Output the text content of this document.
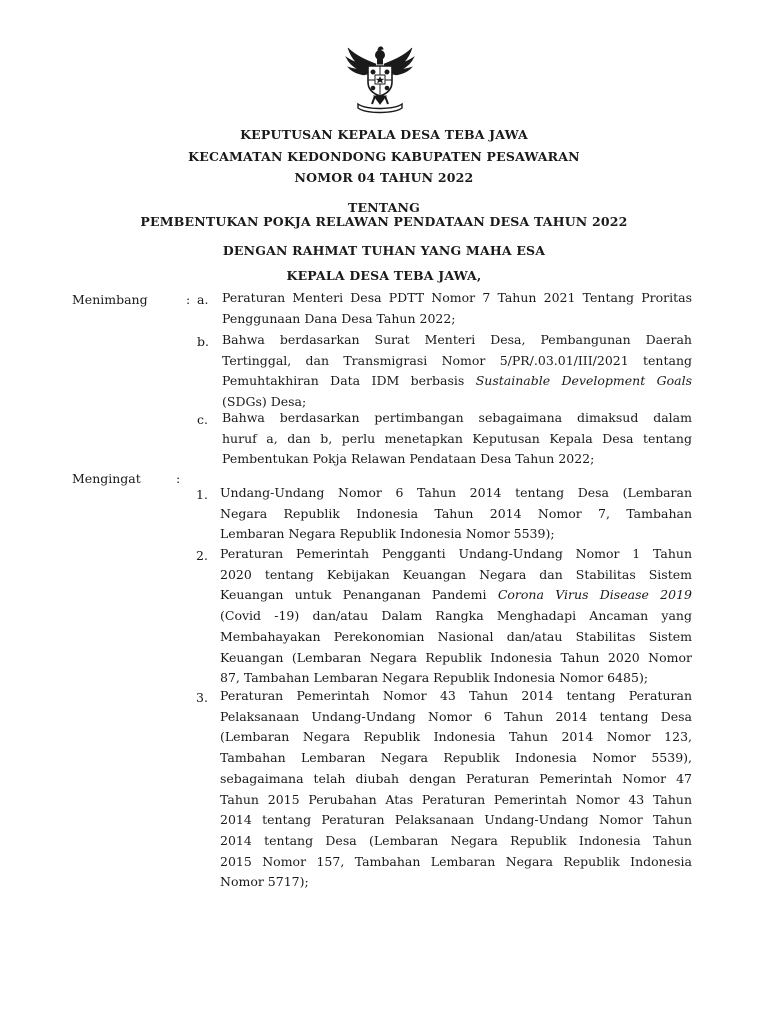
KEPUTUSAN KEPALA DESA TEBA JAWA
KECAMATAN KEDONDONG KABUPATEN PESAWARAN
NOMOR 04 TAHUN 2022
TENTANG
PEMBENTUKAN POKJA RELAWAN PENDATAAN DESA TAHUN 2022
DENGAN RAHMAT TUHAN YANG MAHA ESA
KEPALA DESA TEBA JAWA,
Menimbang	: a. Peraturan Menteri Desa PDTT Nomor 7 Tahun 2021 Tentang Proritas
Penggunaan Dana Desa Tahun 2022;
b. Bahwa berdasarkan Surat Menteri Desa, Pembangunan Daerah
Tertinggal, dan Transmigrasi Nomor 5/PR/.03.01/III/2021 tentang
Pemuhtakhiran Data IDM berbasis Sustainable Development Goals
(SDGs) Desa;
c. Bahwa berdasarkan pertimbangan sebagaimana dimaksud dalam
huruf a, dan b, perlu menetapkan Keputusan Kepala Desa tentang
Pembentukan Pokja Relawan Pendataan Desa Tahun 2022;
Mengingat	:
1. Undang-Undang Nomor 6 Tahun 2014 tentang Desa (Lembaran
Negara Republik Indonesia Tahun 2014 Nomor 7, Tambahan
Lembaran Negara Republik Indonesia Nomor 5539);
2. Peraturan Pemerintah Pengganti Undang-Undang Nomor 1 Tahun
2020 tentang Kebijakan Keuangan Negara dan Stabilitas Sistem
Keuangan untuk Penanganan Pandemi Corona Virus Disease 2019
(Covid -19) dan/atau Dalam Rangka Menghadapi Ancaman yang
Membahayakan Perekonomian Nasional dan/atau Stabilitas Sistem
Keuangan (Lembaran Negara Republik Indonesia Tahun 2020 Nomor
87, Tambahan Lembaran Negara Republik Indonesia Nomor 6485);
3. Peraturan Pemerintah Nomor 43 Tahun 2014 tentang Peraturan
Pelaksanaan Undang-Undang Nomor 6 Tahun 2014 tentang Desa
(Lembaran Negara Republik Indonesia Tahun 2014 Nomor 123,
Tambahan Lembaran Negara Republik Indonesia Nomor 5539),
sebagaimana telah diubah dengan Peraturan Pemerintah Nomor 47
Tahun 2015 Perubahan Atas Peraturan Pemerintah Nomor 43 Tahun
2014 tentang Peraturan Pelaksanaan Undang-Undang Nomor Tahun
2014 tentang Desa (Lembaran Negara Republik Indonesia Tahun
2015 Nomor 157, Tambahan Lembaran Negara Republik Indonesia
Nomor 5717);
